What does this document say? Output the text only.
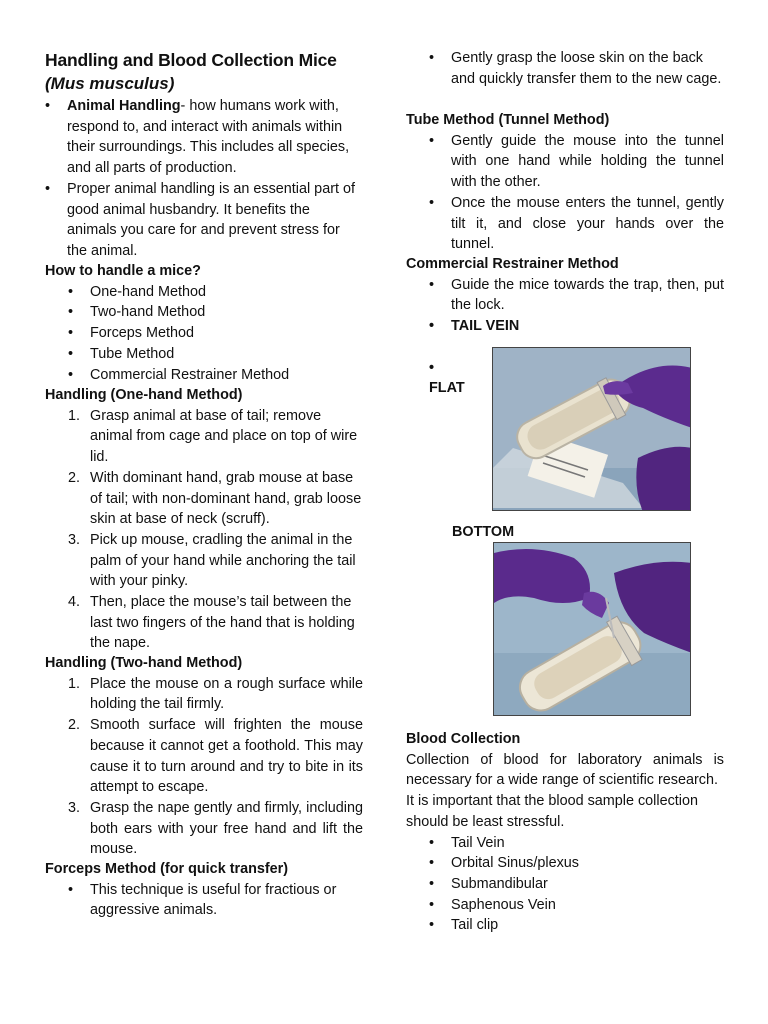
Handling and Blood Collection Mice
(Mus musculus)
•	Animal Handling- how humans work with, respond to, and interact with animals within their surroundings. This includes all species, and all parts of production.
•	Proper animal handling is an essential part of good animal husbandry. It benefits the animals you care for and prevent stress for the animal.
How to handle a mice?
•	One-hand Method
•	Two-hand Method
•	Forceps Method
•	Tube Method
•	Commercial Restrainer Method
Handling (One-hand Method)
1. Grasp animal at base of tail; remove animal from cage and place on top of wire lid.
2. With dominant hand, grab mouse at base of tail; with non-dominant hand, grab loose skin at base of neck (scruff).
3. Pick up mouse, cradling the animal in the palm of your hand while anchoring the tail with your pinky.
4. Then, place the mouse’s tail between the last two fingers of the hand that is holding the nape.
Handling (Two-hand Method)
1. Place the mouse on a rough surface while holding the tail firmly.
2. Smooth surface will frighten the mouse because it cannot get a foothold. This may cause it to turn around and try to bite in its attempt to escape.
3. Grasp the nape gently and firmly, including both ears with your free hand and lift the mouse.
Forceps Method (for quick transfer)
•	This technique is useful for fractious or aggressive animals.
•	Gently grasp the loose skin on the back and quickly transfer them to the new cage.
Tube Method (Tunnel Method)
•	Gently guide the mouse into the tunnel with one hand while holding the tunnel with the other.
•	Once the mouse enters the tunnel, gently tilt it, and close your hands over the tunnel.
Commercial Restrainer Method
•	Guide the mice towards the trap, then, put the lock.
•	TAIL VEIN
•
FLAT
BOTTOM
Blood Collection
Collection of blood for laboratory animals is necessary for a wide range of scientific research.
It is important that the blood sample collection should be least stressful.
•	Tail Vein
•	Orbital Sinus/plexus
•	Submandibular
•	Saphenous Vein
•	Tail clip
